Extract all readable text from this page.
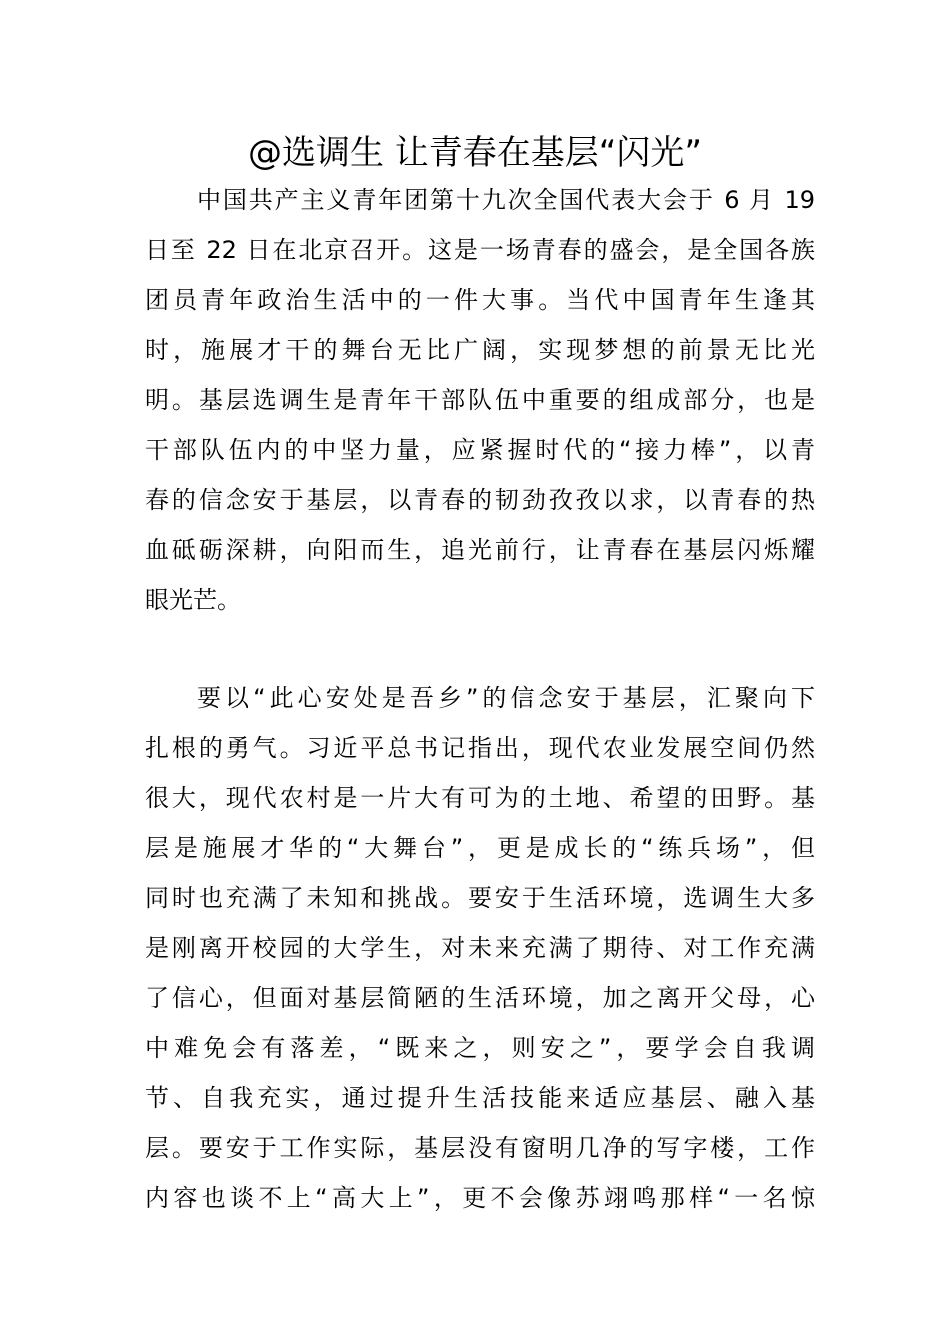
@选调生 让青春在基层“闪光”
中国共产主义青年团第十九次全国代表大会于 6 月 19
日至 22 日在北京召开。这是一场青春的盛会，是全国各族
团员青年政治生活中的一件大事。当代中国青年生逢其
时，施展才干的舞台无比广阔，实现梦想的前景无比光
明。基层选调生是青年干部队伍中重要的组成部分，也是
干部队伍内的中坚力量，应紧握时代的“接力棒”，以青
春的信念安于基层，以青春的韧劲孜孜以求，以青春的热
血砥砺深耕，向阳而生，追光前行，让青春在基层闪烁耀
眼光芒。
要以“此心安处是吾乡”的信念安于基层，汇聚向下
扎根的勇气。习近平总书记指出，现代农业发展空间仍然
很大，现代农村是一片大有可为的土地、希望的田野。基
层是施展才华的“大舞台”，更是成长的“练兵场”，但
同时也充满了未知和挑战。要安于生活环境，选调生大多
是刚离开校园的大学生，对未来充满了期待、对工作充满
了信心，但面对基层简陋的生活环境，加之离开父母，心
中难免会有落差，“既来之，则安之”，要学会自我调
节、自我充实，通过提升生活技能来适应基层、融入基
层。要安于工作实际，基层没有窗明几净的写字楼，工作
内容也谈不上“高大上”，更不会像苏翊鸣那样“一名惊
